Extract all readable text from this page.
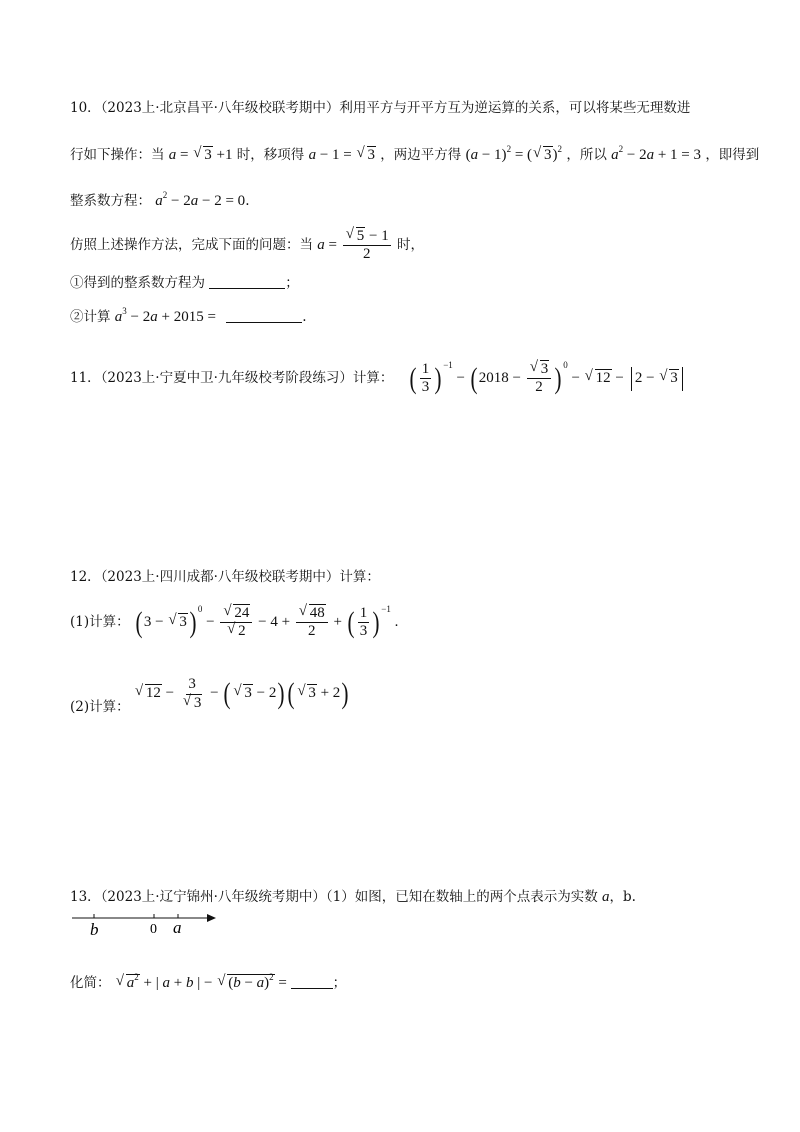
10．（2023上·北京昌平·八年级校联考期中）利用平方与开平方互为逆运算的关系，可以将某些无理数进
行如下操作：当 a = √ 3 +1 时，移项得 a − 1 = √ 3 ，两边平方得 $(a - 1)^2$ = ( √ 3)$^2$ ，所以 $a^2 - 2a + 1 = 3$ ，即得到
整系数方程： $a^2 - 2a - 2 = 0$.
仿照上述操作方法，完成下面的问题：当 a = √ $\frac{5 - 1}{2}$ 时，
①得到的整系数方程为	；
②计算 $a^3 - 2a + 2015$ =	.
11．（2023上·宁夏中卫·九年级校考阶段练习）计算： ( $\frac{1}{3}$ ) $^{-1}$ − ( 2018 − √ $\frac{3}{2}$ ) $^0$ − √ 12 − 2 − √ 3
12．（2023上·四川成都·八年级校联考期中）计算：
(1)计算： ( 3 − √ 3) $^0$ − √ 24
√ 2 − 4 + √ $\frac{48}{2}$ + ( $\frac{1}{3}$ ) $^{-1}$ .
(2)计算： √ 12 − 3
√ 3 − ( √ 3 − 2) ( √ 3 + 2)
13．（2023上·辽宁锦州·八年级统考期中）（1）如图，已知在数轴上的两个点表示为实数 a，b.
b	0 a
化简： √ $a^2$ + | a + b | − √ $(b - a)^2$ =	；
